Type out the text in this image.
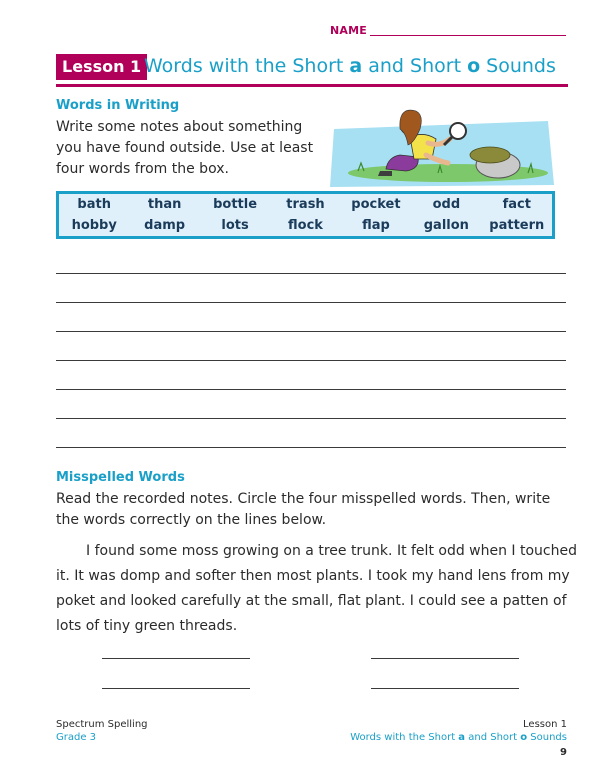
NAME
Lesson 1 Words with the Short a and Short o Sounds
Words in Writing
Write some notes about something you have found outside. Use at least four words from the box.
bath	than	bottle	trash	pocket	odd	fact
hobby	damp	lots	flock	flap	gallon	pattern
Misspelled Words
Read the recorded notes. Circle the four misspelled words. Then, write the words correctly on the lines below.
I found some moss growing on a tree trunk. It felt odd when I touched
it. It was domp and softer then most plants. I took my hand lens from my
poket and looked carefully at the small, flat plant. I could see a patten of
lots of tiny green threads.
Spectrum Spelling
Grade 3
Lesson 1
Words with the Short a and Short o Sounds
9
